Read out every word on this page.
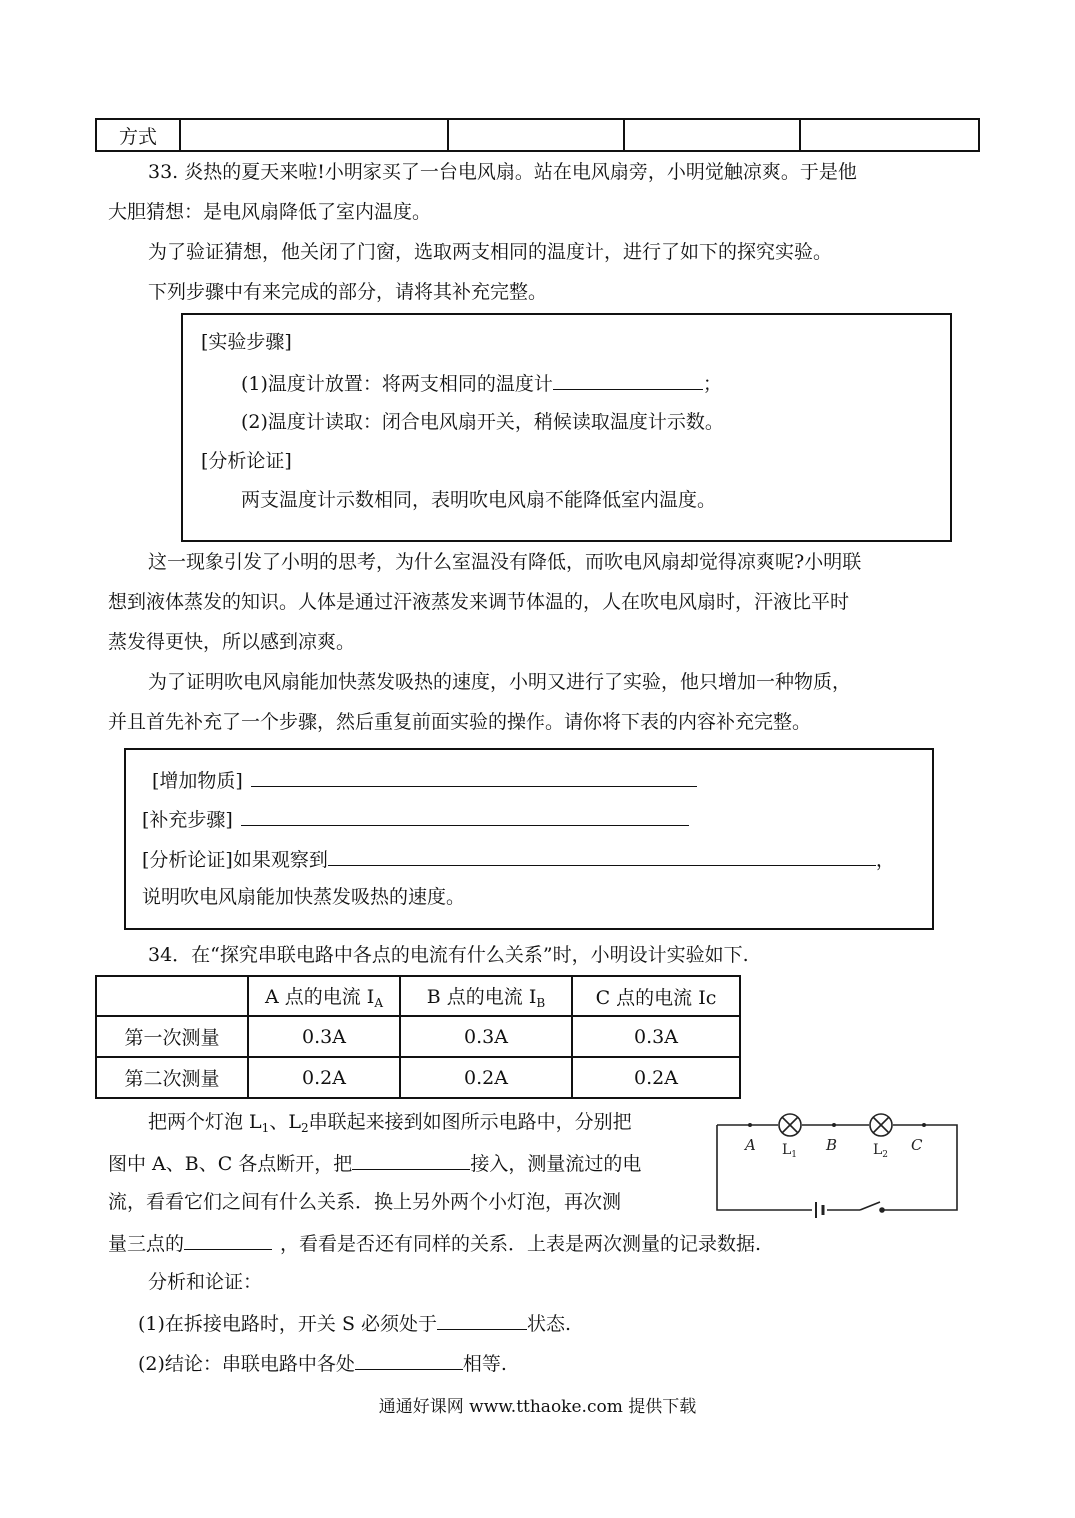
方式				
33. 炎热的夏天来啦!小明家买了一台电风扇。站在电风扇旁，小明觉触凉爽。于是他
大胆猜想：是电风扇降低了室内温度。
为了验证猜想，他关闭了门窗，选取两支相同的温度计，进行了如下的探究实验。
下列步骤中有来完成的部分，请将其补充完整。
[实验步骤]
(1)温度计放置：将两支相同的温度计	；
(2)温度计读取：闭合电风扇开关，稍候读取温度计示数。
[分析论证]
两支温度计示数相同，表明吹电风扇不能降低室内温度。
这一现象引发了小明的思考，为什么室温没有降低，而吹电风扇却觉得凉爽呢?小明联
想到液体蒸发的知识。人体是通过汗液蒸发来调节体温的，人在吹电风扇时，汗液比平时
蒸发得更快，所以感到凉爽。
为了证明吹电风扇能加快蒸发吸热的速度，小明又进行了实验，他只增加一种物质，
并且首先补充了一个步骤，然后重复前面实验的操作。请你将下表的内容补充完整。
[增加物质]
[补充步骤]
[分析论证]如果观察到	，
说明吹电风扇能加快蒸发吸热的速度。
34．在“探究串联电路中各点的电流有什么关系”时，小明设计实验如下.
	A 点的电流 $I_A$	B 点的电流 $I_B$	C 点的电流 Ic
第一次测量	0.3A	0.3A	0.3A
第二次测量	0.2A	0.2A	0.2A
把两个灯泡 $L_1$、$L_2$串联起来接到如图所示电路中，分别把
图中 A、B、C 各点断开，把	接入，测量流过的电
流，看看它们之间有什么关系．换上另外两个小灯泡，再次测
量三点的	，看看是否还有同样的关系．上表是两次测量的记录数据.
分析和论证：
(1)在拆接电路时，开关 S 必须处于	状态.
(2)结论：串联电路中各处	相等.
A	B	C
$L_1$	$L_2$
通通好课网 www.tthaoke.com 提供下载
